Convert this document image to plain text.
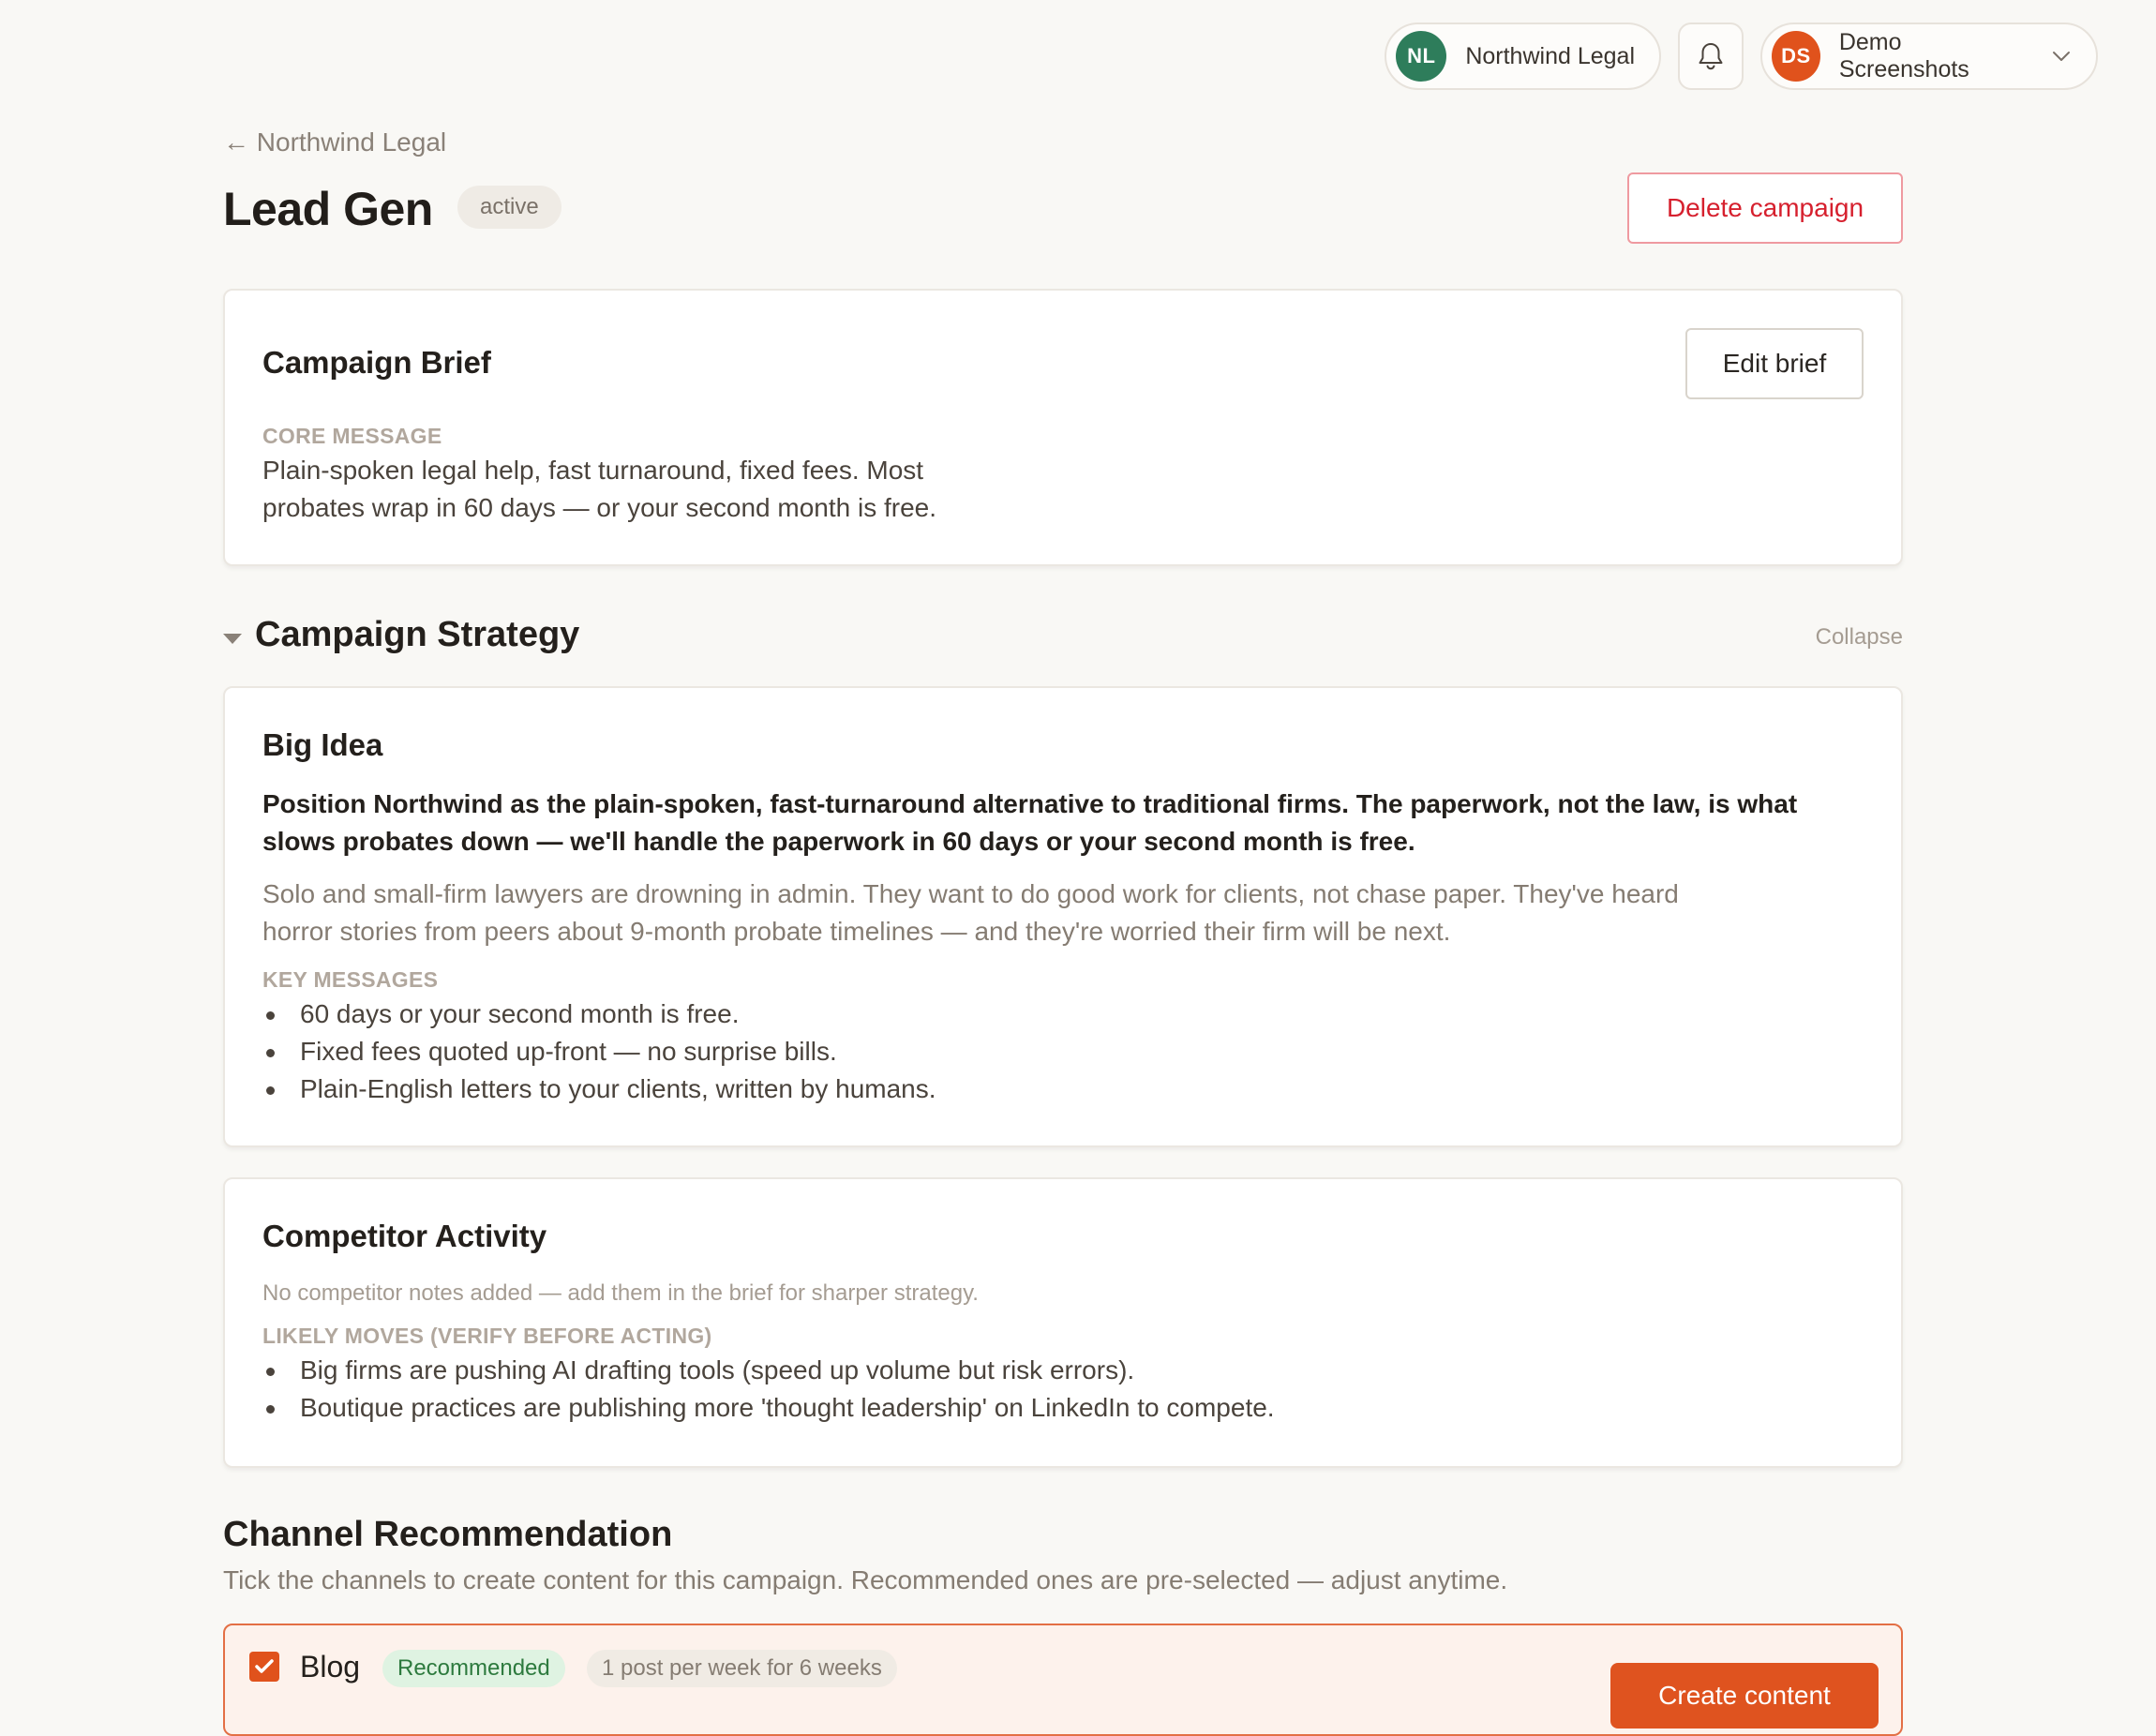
NL	Northwind Legal	DS
Demo Screenshots
← Northwind Legal
Lead Gen	active	Delete campaign
Campaign Brief	Edit brief
CORE MESSAGE
Plain-spoken legal help, fast turnaround, fixed fees. Most
probates wrap in 60 days — or your second month is free.
Campaign Strategy	Collapse
Big Idea
Position Northwind as the plain-spoken, fast-turnaround alternative to traditional firms. The paperwork, not the law, is what
slows probates down — we'll handle the paperwork in 60 days or your second month is free.
Solo and small-firm lawyers are drowning in admin. They want to do good work for clients, not chase paper. They've heard
horror stories from peers about 9-month probate timelines — and they're worried their firm will be next.
KEY MESSAGES
60 days or your second month is free.
Fixed fees quoted up-front — no surprise bills.
Plain-English letters to your clients, written by humans.
Competitor Activity
No competitor notes added — add them in the brief for sharper strategy.
LIKELY MOVES (VERIFY BEFORE ACTING)
Big firms are pushing AI drafting tools (speed up volume but risk errors).
Boutique practices are publishing more 'thought leadership' on LinkedIn to compete.
Channel Recommendation
Tick the channels to create content for this campaign. Recommended ones are pre-selected — adjust anytime.
Blog	Recommended	1 post per week for 6 weeks
Create content
